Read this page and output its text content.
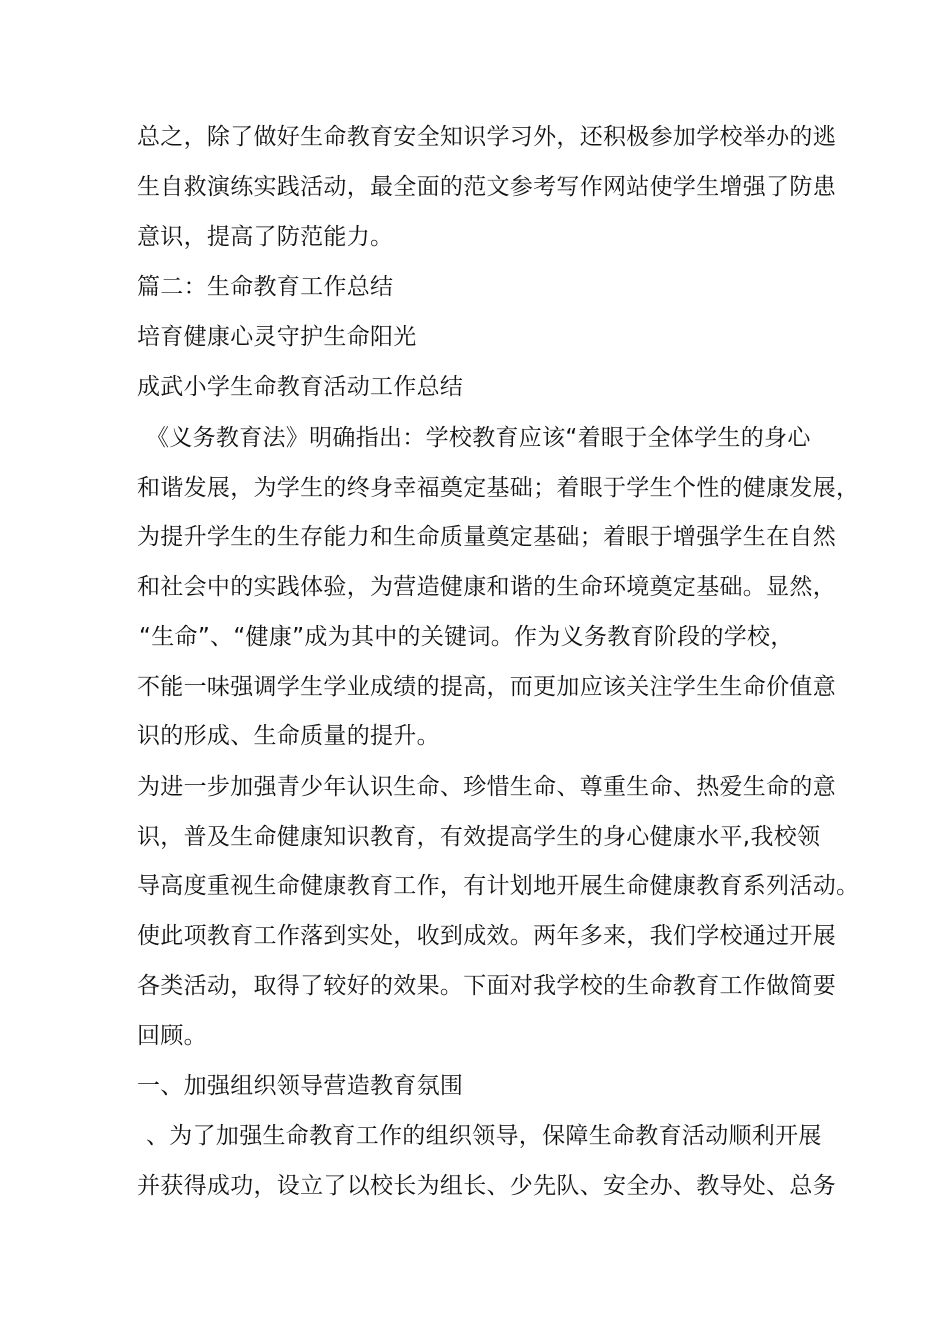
总之，除了做好生命教育安全知识学习外，还积极参加学校举办的逃
生自救演练实践活动，最全面的范文参考写作网站使学生增强了防患
意识，提高了防范能力。
篇二：生命教育工作总结
培育健康心灵守护生命阳光
成武小学生命教育活动工作总结
《义务教育法》明确指出：学校教育应该“着眼于全体学生的身心
和谐发展，为学生的终身幸福奠定基础；着眼于学生个性的健康发展，
为提升学生的生存能力和生命质量奠定基础；着眼于增强学生在自然
和社会中的实践体验，为营造健康和谐的生命环境奠定基础。显然，
“生命”、“健康”成为其中的关键词。作为义务教育阶段的学校，
不能一味强调学生学业成绩的提高，而更加应该关注学生生命价值意
识的形成、生命质量的提升。
为进一步加强青少年认识生命、珍惜生命、尊重生命、热爱生命的意
识，普及生命健康知识教育，有效提高学生的身心健康水平,我校领
导高度重视生命健康教育工作，有计划地开展生命健康教育系列活动。
使此项教育工作落到实处，收到成效。两年多来，我们学校通过开展
各类活动，取得了较好的效果。下面对我学校的生命教育工作做简要
回顾。
一、加强组织领导营造教育氛围
、为了加强生命教育工作的组织领导，保障生命教育活动顺利开展
并获得成功，设立了以校长为组长、少先队、安全办、教导处、总务
